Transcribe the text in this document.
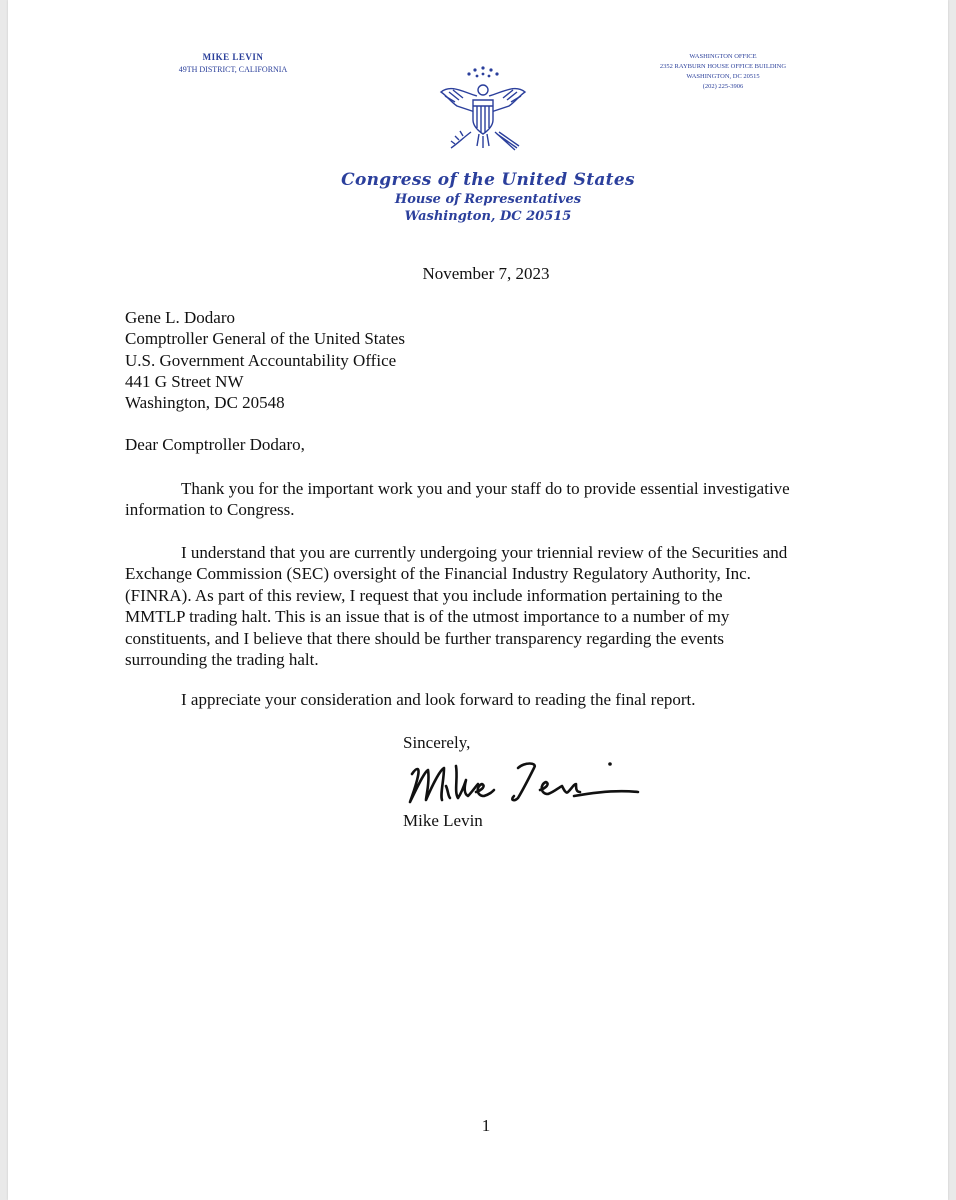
MIKE LEVIN
49TH DISTRICT, CALIFORNIA
WASHINGTON OFFICE
2352 RAYBURN HOUSE OFFICE BUILDING
WASHINGTON, DC 20515
(202) 225-3906
Congress of the United States
House of Representatives
Washington, DC 20515
November 7, 2023
Gene L. Dodaro
Comptroller General of the United States
U.S. Government Accountability Office
441 G Street NW
Washington, DC 20548
Dear Comptroller Dodaro,
Thank you for the important work you and your staff do to provide essential investigative
information to Congress.
I understand that you are currently undergoing your triennial review of the Securities and
Exchange Commission (SEC) oversight of the Financial Industry Regulatory Authority, Inc.
(FINRA). As part of this review, I request that you include information pertaining to the
MMTLP trading halt. This is an issue that is of the utmost importance to a number of my
constituents, and I believe that there should be further transparency regarding the events
surrounding the trading halt.
I appreciate your consideration and look forward to reading the final report.
Sincerely,
Mike Levin
1
